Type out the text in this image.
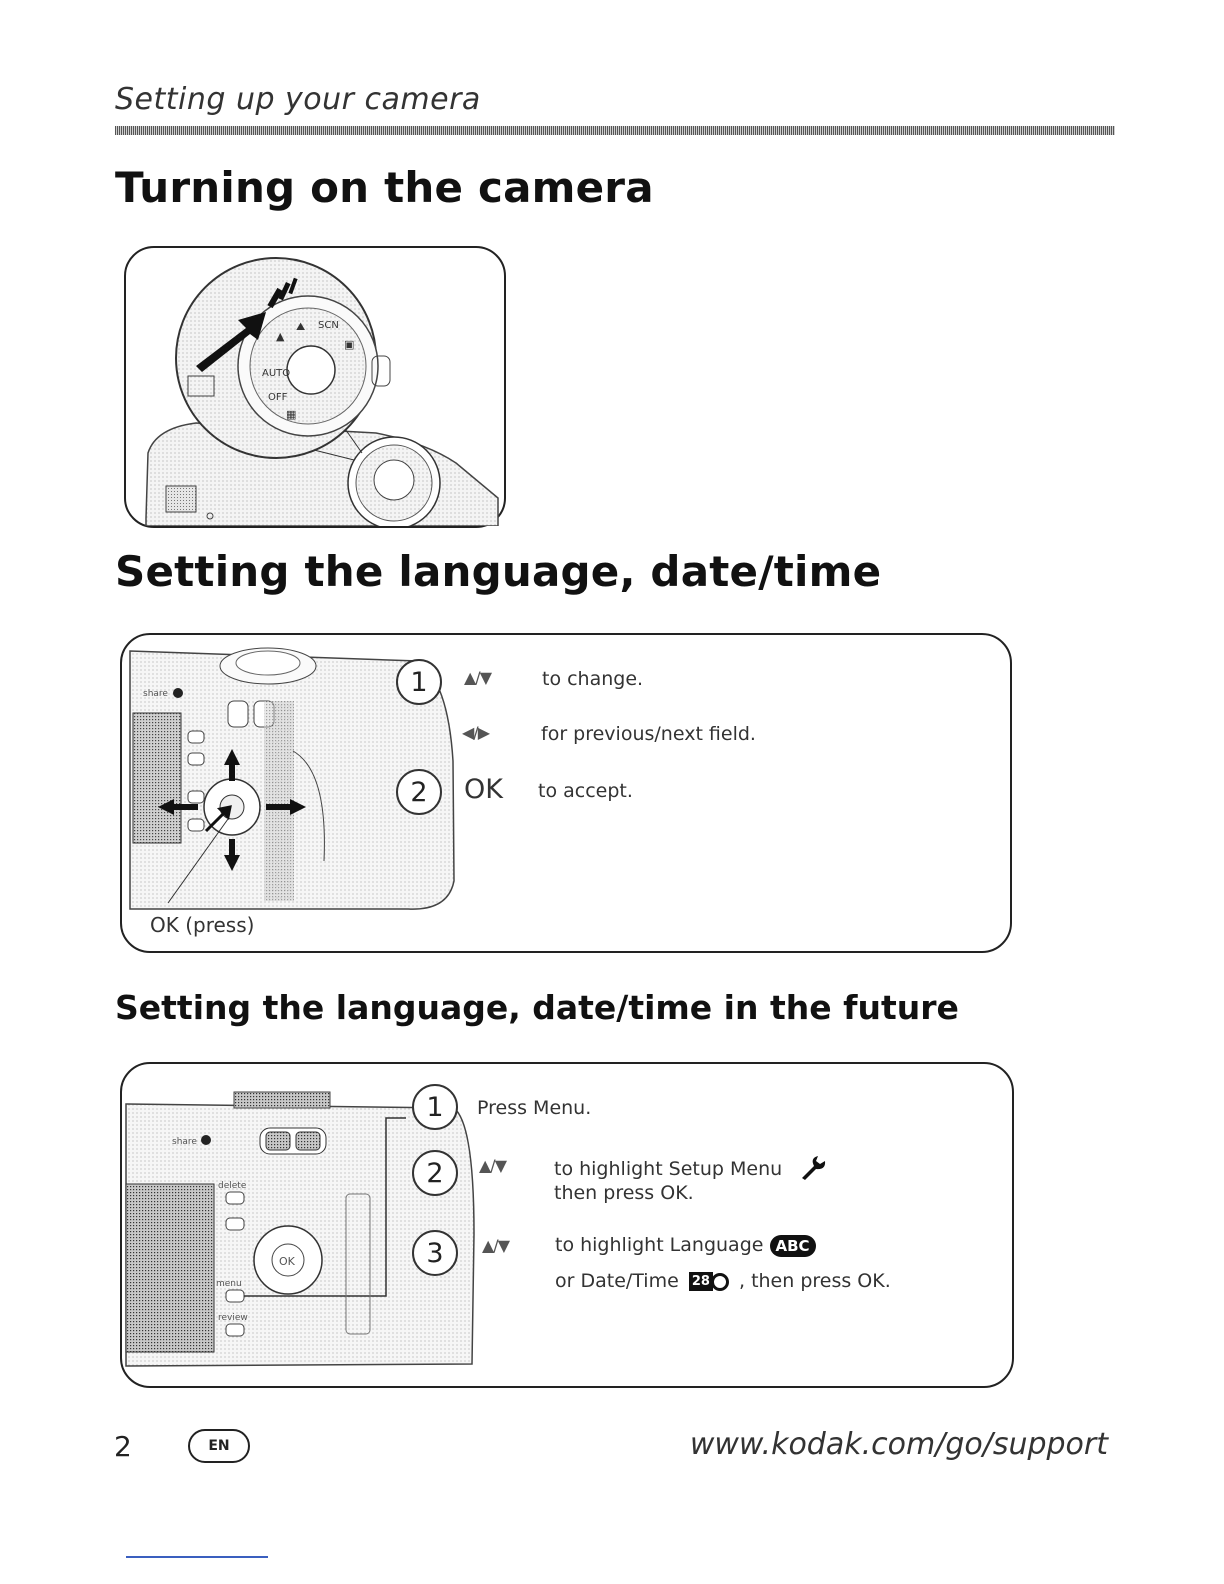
Setting up your camera
Turning on the camera
▲
⛰ SCN
▣
AUTO
OFF
▦
Setting the language, date/time
share
OK (press)
1	▲/▼	to change.
◀/▶	for previous/next field.
2	OK to accept.
Setting the language, date/time in the future
share
delete
menu
review
OK
1	Press Menu.
2	▲/▼	to highlight Setup Menu
then press OK.
3	▲/▼ to highlight Language ABC
or Date/Time 28 , then press OK.
2	EN	www.kodak.com/go/support
